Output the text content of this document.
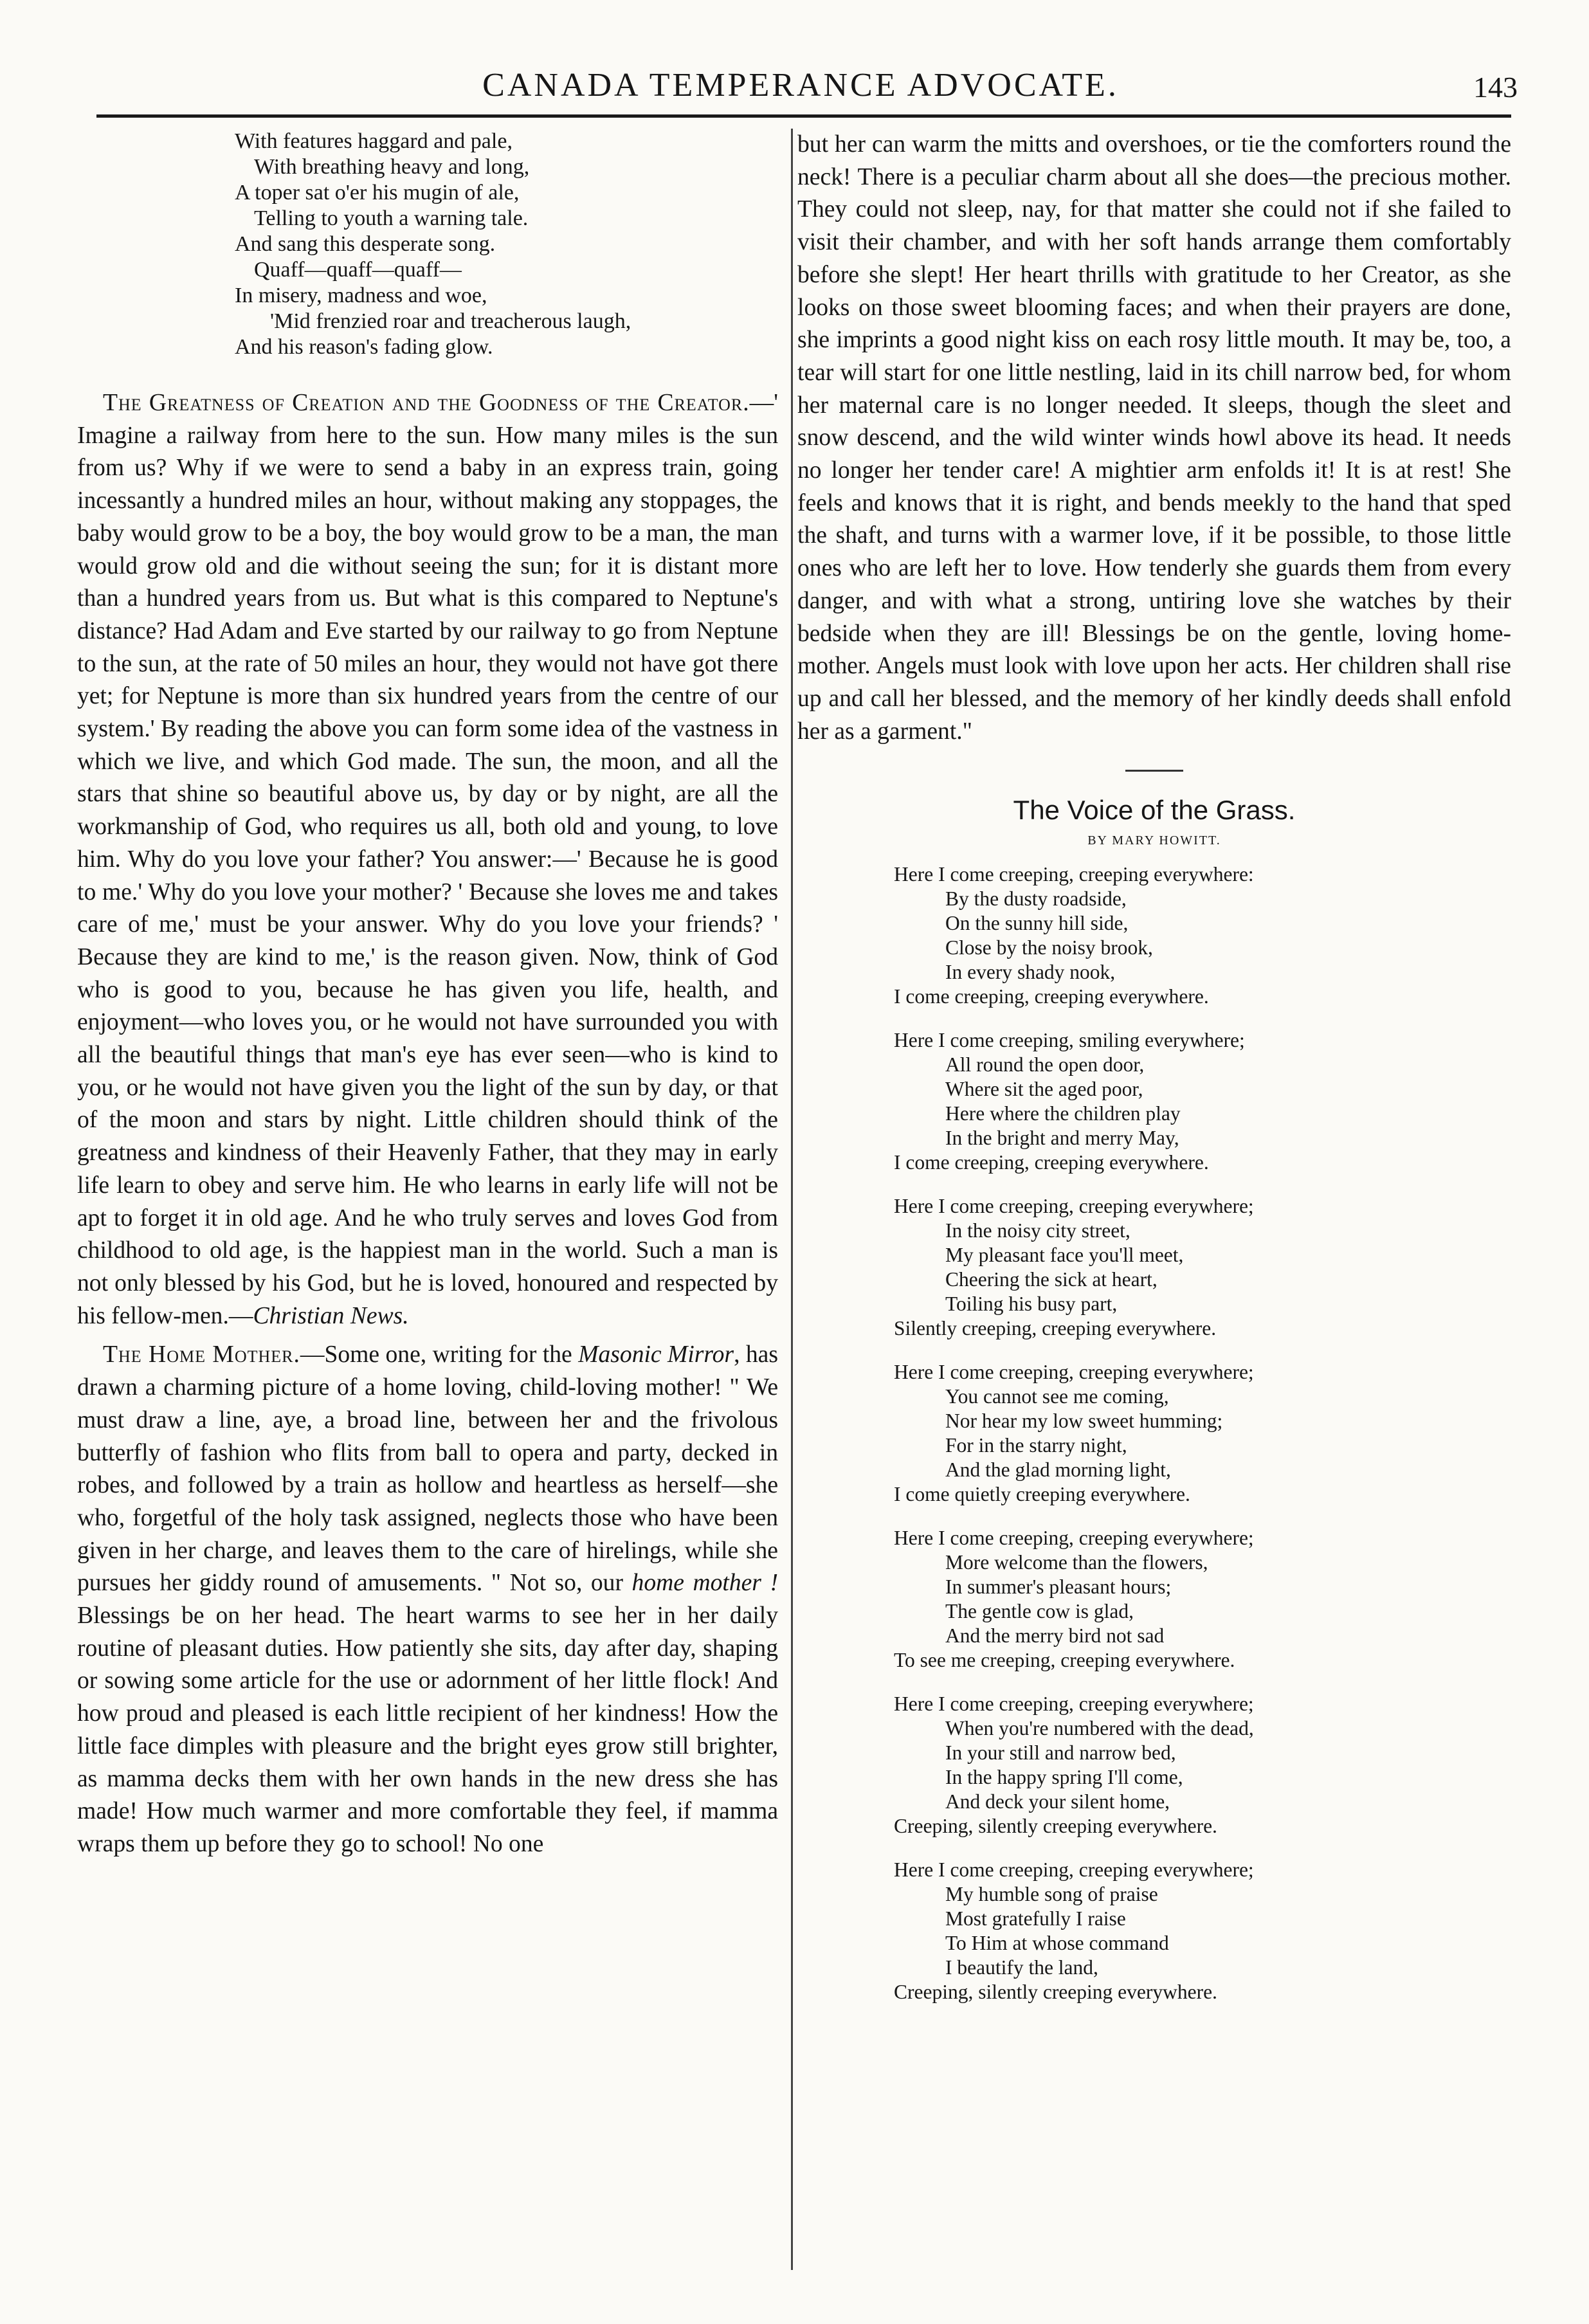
CANADA TEMPERANCE ADVOCATE.	143
With features haggard and pale,
With breathing heavy and long,
A toper sat o'er his mugin of ale,
Telling to youth a warning tale.
And sang this desperate song.
Quaff—quaff—quaff—
In misery, madness and woe,
'Mid frenzied roar and treacherous laugh,
And his reason's fading glow.

The Greatness of Creation and the Goodness of the Creator.—' Imagine a railway from here to the sun. How many miles is the sun from us? Why if we were to send a baby in an express train, going incessantly a hundred miles an hour, without making any stoppages, the baby would grow to be a boy, the boy would grow to be a man, the man would grow old and die without seeing the sun; for it is distant more than a hundred years from us. But what is this compared to Neptune's distance? Had Adam and Eve started by our railway to go from Neptune to the sun, at the rate of 50 miles an hour, they would not have got there yet; for Neptune is more than six hundred years from the centre of our system.' By reading the above you can form some idea of the vastness in which we live, and which God made. The sun, the moon, and all the stars that shine so beautiful above us, by day or by night, are all the workmanship of God, who requires us all, both old and young, to love him. Why do you love your father? You answer:—' Because he is good to me.' Why do you love your mother? ' Because she loves me and takes care of me,' must be your answer. Why do you love your friends? ' Because they are kind to me,' is the reason given. Now, think of God who is good to you, because he has given you life, health, and enjoyment—who loves you, or he would not have surrounded you with all the beautiful things that man's eye has ever seen—who is kind to you, or he would not have given you the light of the sun by day, or that of the moon and stars by night. Little children should think of the greatness and kindness of their Heavenly Father, that they may in early life learn to obey and serve him. He who learns in early life will not be apt to forget it in old age. And he who truly serves and loves God from childhood to old age, is the happiest man in the world. Such a man is not only blessed by his God, but he is loved, honoured and respected by his fellow-men.—Christian News.

The Home Mother.—Some one, writing for the Masonic Mirror, has drawn a charming picture of a home loving, child-loving mother! " We must draw a line, aye, a broad line, between her and the frivolous butterfly of fashion who flits from ball to opera and party, decked in robes, and followed by a train as hollow and heartless as herself—she who, forgetful of the holy task assigned, neglects those who have been given in her charge, and leaves them to the care of hirelings, while she pursues her giddy round of amusements. " Not so, our home mother ! Blessings be on her head. The heart warms to see her in her daily routine of pleasant duties. How patiently she sits, day after day, shaping or sowing some article for the use or adornment of her little flock! And how proud and pleased is each little recipient of her kindness! How the little face dimples with pleasure and the bright eyes grow still brighter, as mamma decks them with her own hands in the new dress she has made! How much warmer and more comfortable they feel, if mamma wraps them up before they go to school! No one

but her can warm the mitts and overshoes, or tie the comforters round the neck! There is a peculiar charm about all she does—the precious mother. They could not sleep, nay, for that matter she could not if she failed to visit their chamber, and with her soft hands arrange them comfortably before she slept! Her heart thrills with gratitude to her Creator, as she looks on those sweet blooming faces; and when their prayers are done, she imprints a good night kiss on each rosy little mouth. It may be, too, a tear will start for one little nestling, laid in its chill narrow bed, for whom her maternal care is no longer needed. It sleeps, though the sleet and snow descend, and the wild winter winds howl above its head. It needs no longer her tender care! A mightier arm enfolds it! It is at rest! She feels and knows that it is right, and bends meekly to the hand that sped the shaft, and turns with a warmer love, if it be possible, to those little ones who are left her to love. How tenderly she guards them from every danger, and with what a strong, untiring love she watches by their bedside when they are ill! Blessings be on the gentle, loving home-mother. Angels must look with love upon her acts. Her children shall rise up and call her blessed, and the memory of her kindly deeds shall enfold her as a garment."

The Voice of the Grass.
BY MARY HOWITT.
Here I come creeping, creeping everywhere:
By the dusty roadside,
On the sunny hill side,
Close by the noisy brook,
In every shady nook,
I come creeping, creeping everywhere.
Here I come creeping, smiling everywhere;
All round the open door,
Where sit the aged poor,
Here where the children play
In the bright and merry May,
I come creeping, creeping everywhere.
Here I come creeping, creeping everywhere;
In the noisy city street,
My pleasant face you'll meet,
Cheering the sick at heart,
Toiling his busy part,
Silently creeping, creeping everywhere.
Here I come creeping, creeping everywhere;
You cannot see me coming,
Nor hear my low sweet humming;
For in the starry night,
And the glad morning light,
I come quietly creeping everywhere.
Here I come creeping, creeping everywhere;
More welcome than the flowers,
In summer's pleasant hours;
The gentle cow is glad,
And the merry bird not sad
To see me creeping, creeping everywhere.
Here I come creeping, creeping everywhere;
When you're numbered with the dead,
In your still and narrow bed,
In the happy spring I'll come,
And deck your silent home,
Creeping, silently creeping everywhere.
Here I come creeping, creeping everywhere;
My humble song of praise
Most gratefully I raise
To Him at whose command
I beautify the land,
Creeping, silently creeping everywhere.
